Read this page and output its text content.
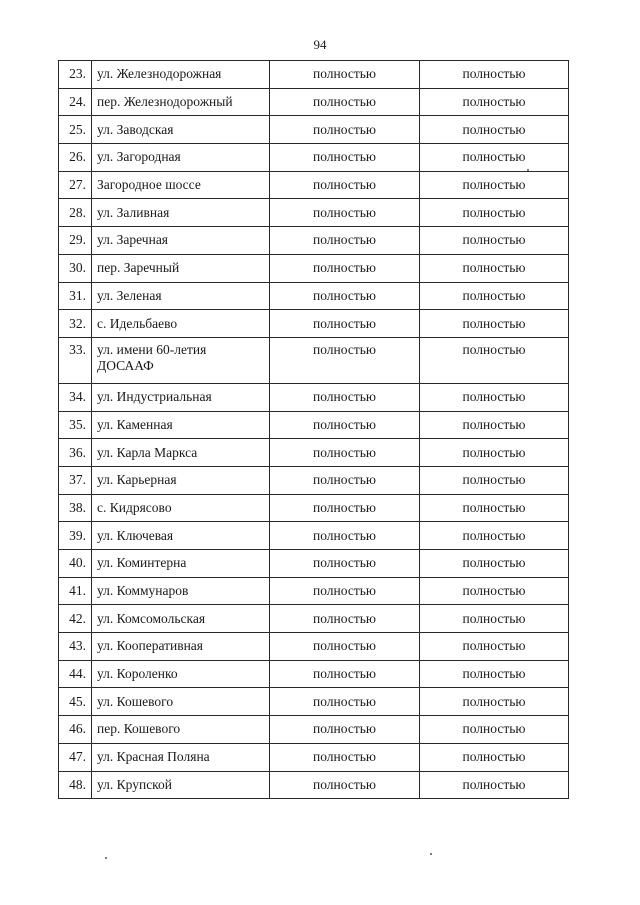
94
23.	ул. Железнодорожная	полностью	полностью
24.	пер. Железнодорожный	полностью	полностью
25.	ул. Заводская	полностью	полностью
26.	ул. Загородная	полностью	полностью
27.	Загородное шоссе	полностью	полностью
28.	ул. Заливная	полностью	полностью
29.	ул. Заречная	полностью	полностью
30.	пер. Заречный	полностью	полностью
31.	ул. Зеленая	полностью	полностью
32.	с. Идельбаево	полностью	полностью
33.	ул. имени 60-летия ДОСААФ	полностью	полностью
34.	ул. Индустриальная	полностью	полностью
35.	ул. Каменная	полностью	полностью
36.	ул. Карла Маркса	полностью	полностью
37.	ул. Карьерная	полностью	полностью
38.	с. Кидрясово	полностью	полностью
39.	ул. Ключевая	полностью	полностью
40.	ул. Коминтерна	полностью	полностью
41.	ул. Коммунаров	полностью	полностью
42.	ул. Комсомольская	полностью	полностью
43.	ул. Кооперативная	полностью	полностью
44.	ул. Короленко	полностью	полностью
45.	ул. Кошевого	полностью	полностью
46.	пер. Кошевого	полностью	полностью
47.	ул. Красная Поляна	полностью	полностью
48.	ул. Крупской	полностью	полностью
